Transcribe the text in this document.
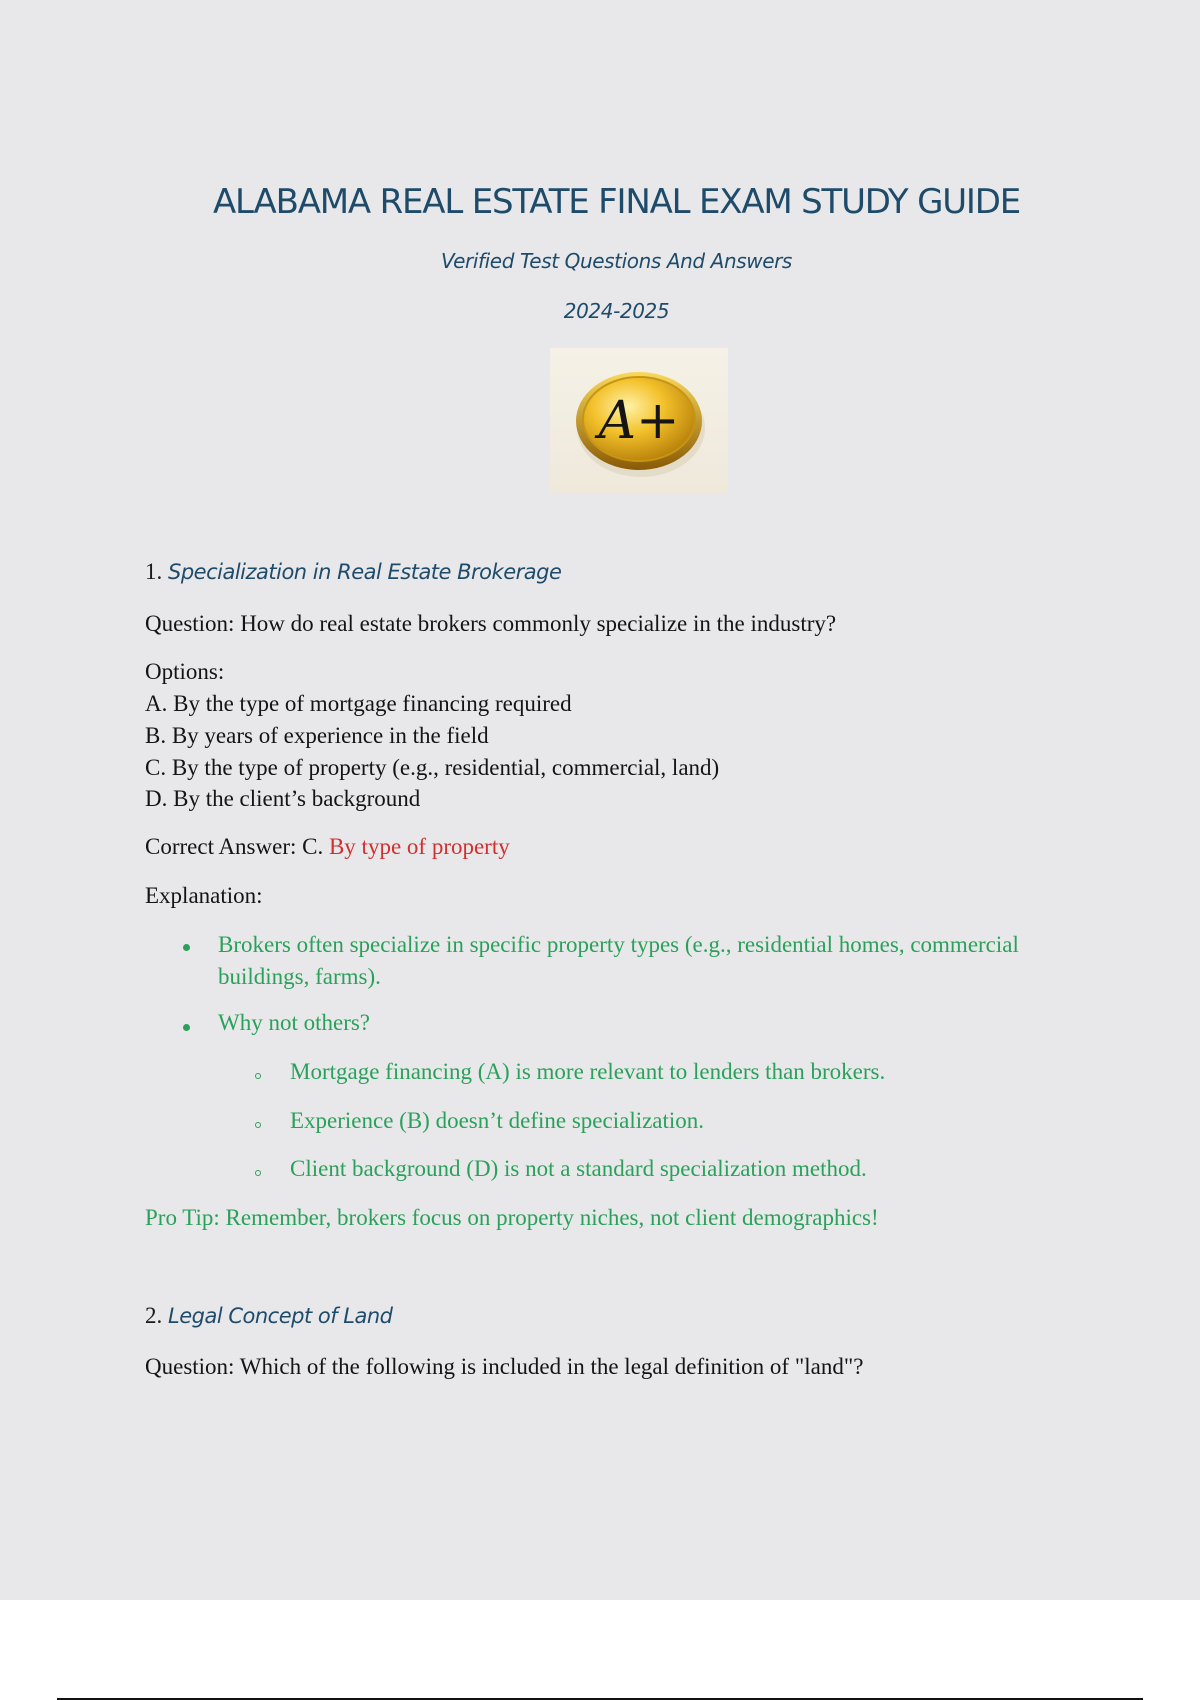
ALABAMA REAL ESTATE FINAL EXAM STUDY GUIDE
Verified Test Questions And Answers
2024-2025
A+
1. Specialization in Real Estate Brokerage
Question: How do real estate brokers commonly specialize in the industry?
Options:
A. By the type of mortgage financing required
B. By years of experience in the field
C. By the type of property (e.g., residential, commercial, land)
D. By the client’s background
Correct Answer: C. By type of property
Explanation:
Brokers often specialize in specific property types (e.g., residential homes, commercial buildings, farms).
Why not others?
Mortgage financing (A) is more relevant to lenders than brokers.
Experience (B) doesn’t define specialization.
Client background (D) is not a standard specialization method.
Pro Tip: Remember, brokers focus on property niches, not client demographics!
2. Legal Concept of Land
Question: Which of the following is included in the legal definition of "land"?
